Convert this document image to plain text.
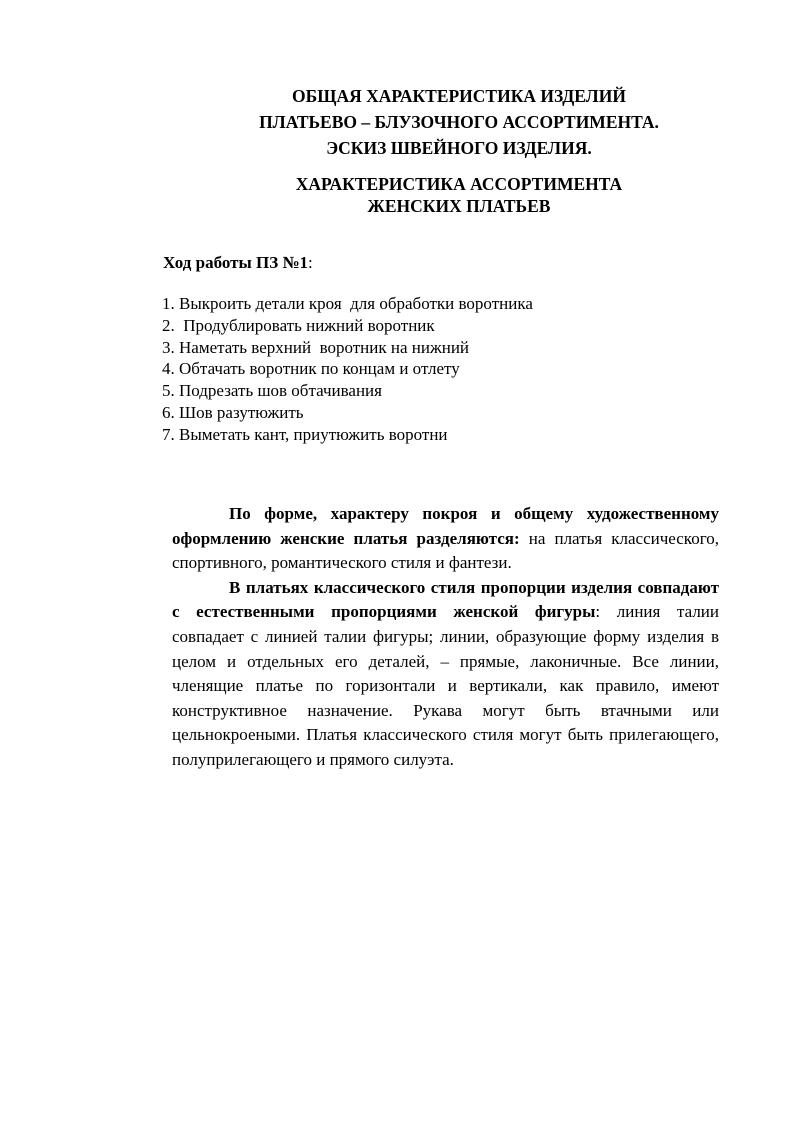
ОБЩАЯ ХАРАКТЕРИСТИКА ИЗДЕЛИЙ
ПЛАТЬЕВО – БЛУЗОЧНОГО АССОРТИМЕНТА.
ЭСКИЗ ШВЕЙНОГО ИЗДЕЛИЯ.
ХАРАКТЕРИСТИКА АССОРТИМЕНТА
ЖЕНСКИХ ПЛАТЬЕВ
Ход работы ПЗ №1:
1. Выкроить детали кроя  для обработки воротника
2.  Продублировать нижний воротник
3. Наметать верхний  воротник на нижний
4. Обтачать воротник по концам и отлету
5. Подрезать шов обтачивания
6. Шов разутюжить
7. Выметать кант, приутюжить воротни

По форме, характеру покроя и общему художественному оформлению женские платья разделяются: на платья классического, спортивного, романтического стиля и фантези.

В платьях классического стиля пропорции изделия совпадают с естественными пропорциями женской фигуры: линия талии совпадает с линией талии фигуры; линии, образующие форму изделия в целом и отдельных его деталей, – прямые, лаконичные. Все линии, членящие платье по горизонтали и вертикали, как правило, имеют конструктивное назначение. Рукава могут быть втачными или цельнокроеными. Платья классического стиля могут быть прилегающего, полуприлегающего и прямого силуэта.
